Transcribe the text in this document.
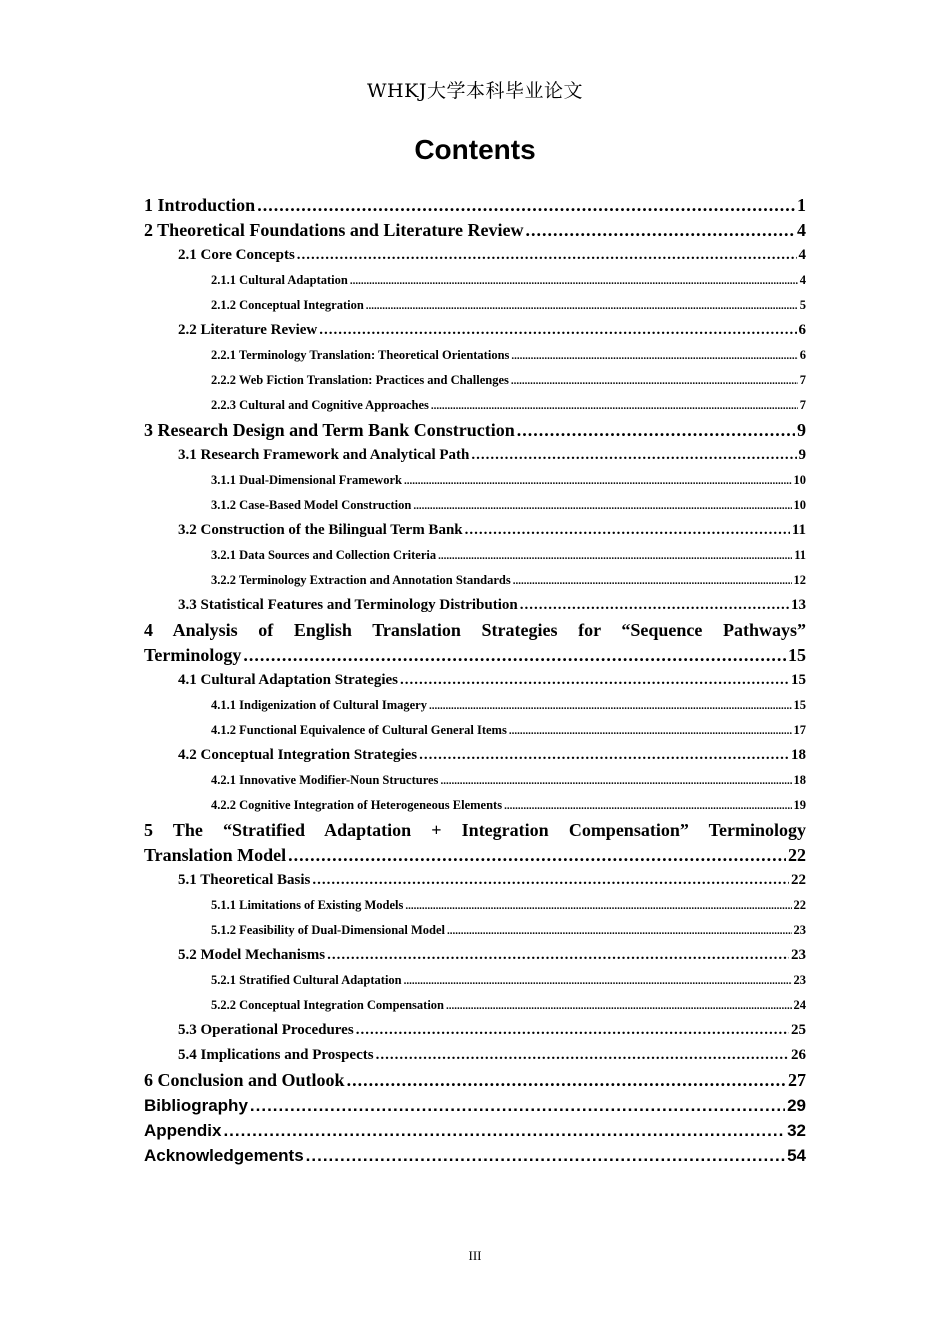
WHKJ大学本科毕业论文
Contents
1 Introduction .....	1
2 Theoretical Foundations and Literature Review .....	4
2.1 Core Concepts .....	4
2.1.1 Cultural Adaptation .....	4
2.1.2 Conceptual Integration .....	5
2.2 Literature Review .....	6
2.2.1 Terminology Translation: Theoretical Orientations .....	6
2.2.2 Web Fiction Translation: Practices and Challenges .....	7
2.2.3 Cultural and Cognitive Approaches .....	7
3 Research Design and Term Bank Construction .....	9
3.1 Research Framework and Analytical Path .....	9
3.1.1 Dual-Dimensional Framework .....	10
3.1.2 Case-Based Model Construction .....	10
3.2 Construction of the Bilingual Term Bank .....	11
3.2.1 Data Sources and Collection Criteria .....	11
3.2.2 Terminology Extraction and Annotation Standards .....	12
3.3 Statistical Features and Terminology Distribution .....	13
4 Analysis of English Translation Strategies for “Sequence Pathways”
Terminology .....	15
4.1 Cultural Adaptation Strategies .....	15
4.1.1 Indigenization of Cultural Imagery .....	15
4.1.2 Functional Equivalence of Cultural General Items .....	17
4.2 Conceptual Integration Strategies .....	18
4.2.1 Innovative Modifier-Noun Structures .....	18
4.2.2 Cognitive Integration of Heterogeneous Elements .....	19
5 The “Stratified Adaptation + Integration Compensation” Terminology
Translation Model .....	22
5.1 Theoretical Basis .....	22
5.1.1 Limitations of Existing Models .....	22
5.1.2 Feasibility of Dual-Dimensional Model .....	23
5.2 Model Mechanisms .....	23
5.2.1 Stratified Cultural Adaptation .....	23
5.2.2 Conceptual Integration Compensation .....	24
5.3 Operational Procedures .....	25
5.4 Implications and Prospects .....	26
6 Conclusion and Outlook .....	27
Bibliography .....	29
Appendix .....	32
Acknowledgements .....	54
III
